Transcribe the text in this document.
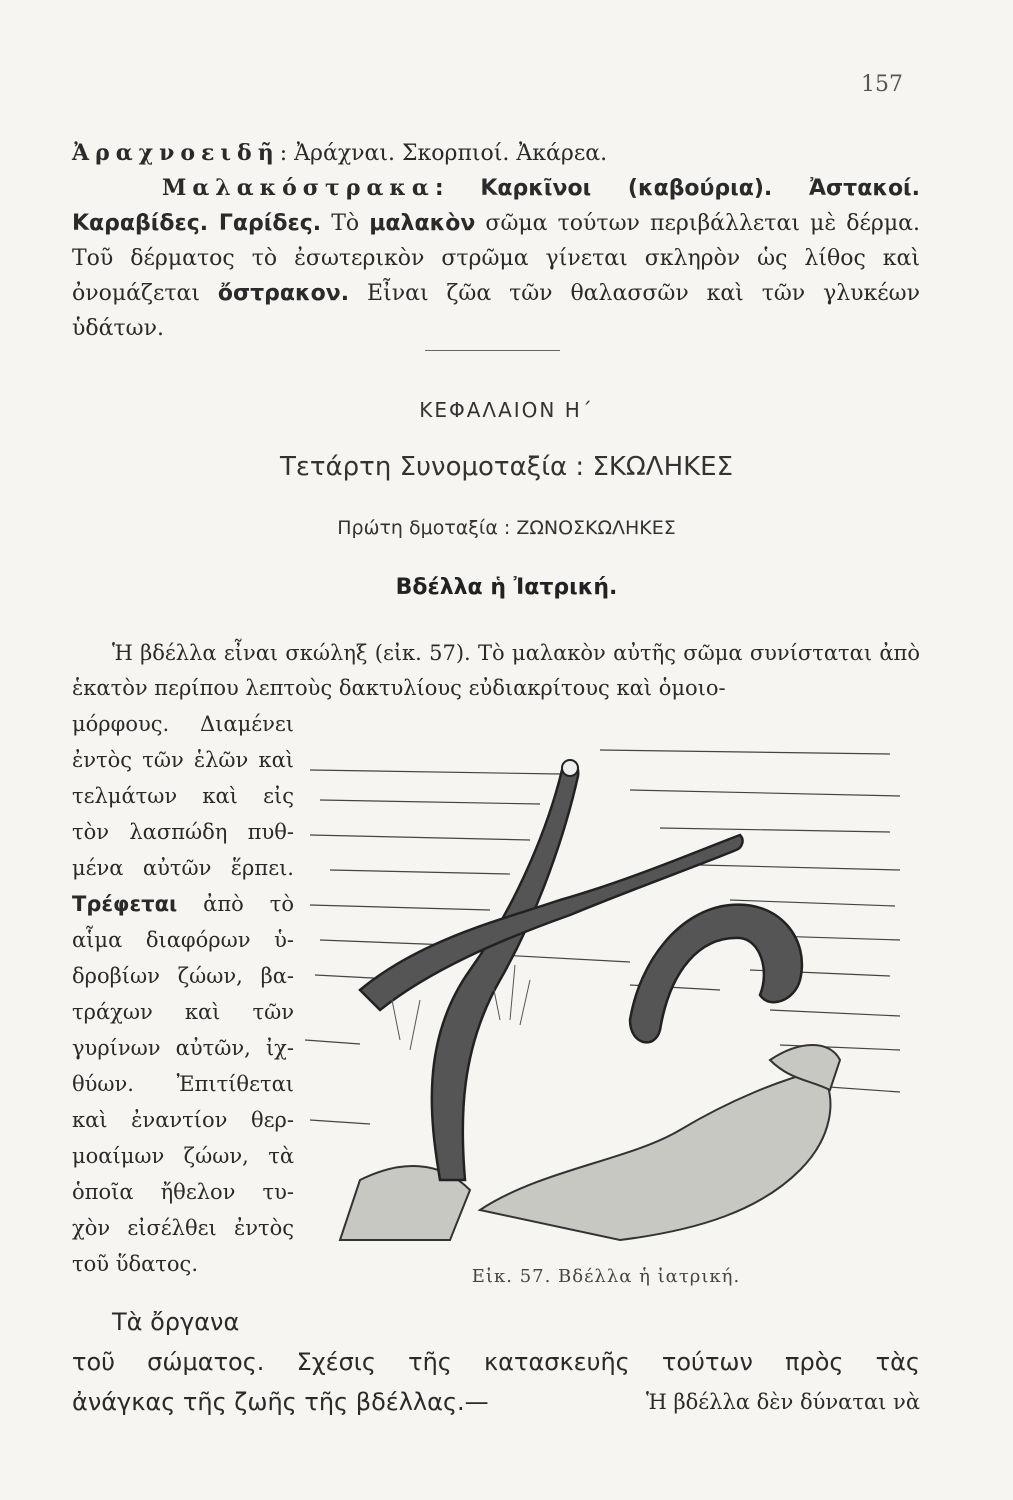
157

Ἀραχνοειδῆ: Ἀράχναι. Σκορπιοί. Ἀκάρεα.

Μαλακόστρακα: Καρκῖνοι (καβούρια). Ἀστακοί. Καραβίδες. Γαρίδες. Τὸ μαλακὸν σῶμα τούτων περιβάλλεται μὲ δέρμα. Τοῦ δέρματος τὸ ἐσωτερικὸν στρῶμα γίνεται σκληρὸν ὡς λίθος καὶ ὀνομάζεται ὄστρακον. Εἶναι ζῶα τῶν θαλασσῶν καὶ τῶν γλυκέων ὑδάτων.

ΚΕΦΑΛΑΙΟΝ Η΄
Τετάρτη Συνομοταξία : ΣΚΩΛΗΚΕΣ
Πρώτη δμοταξία : ΖΩΝΟΣΚΩΛΗΚΕΣ
Βδέλλα ἡ Ἰατρική.

Ἡ βδέλλα εἶναι σκώληξ (εἰκ. 57). Τὸ μαλακὸν αὐτῆς σῶμα συνίσταται ἀπὸ ἑκατὸν περίπου λεπτοὺς δακτυλίους εὐδιακρίτους καὶ ὁμοιο-

μόρφους. Διαμένει
ἐντὸς τῶν ἑλῶν καὶ
τελμάτων καὶ εἰς
τὸν λασπώδη πυθ-
μένα αὐτῶν ἕρπει.
Τρέφεται ἀπὸ τὸ
αἷμα διαφόρων ὑ-
δροβίων ζώων, βα-
τράχων καὶ τῶν
γυρίνων αὐτῶν, ἰχ-
θύων. Ἐπιτίθεται
καὶ ἐναντίον θερ-
μοαίμων ζώων, τὰ
ὁποῖα ἤθελον τυ-
χὸν εἰσέλθει ἐντὸς
τοῦ ὕδατος.
Εἰκ. 57. Βδέλλα ἡ ἰατρική.
Τὰ ὄργανα
τοῦ σώματος. Σχέσις τῆς κατασκευῆς τούτων πρὸς τὰς
ἀνάγκας τῆς ζωῆς τῆς βδέλλας.—	Ἡ βδέλλα δὲν δύναται νὰ
